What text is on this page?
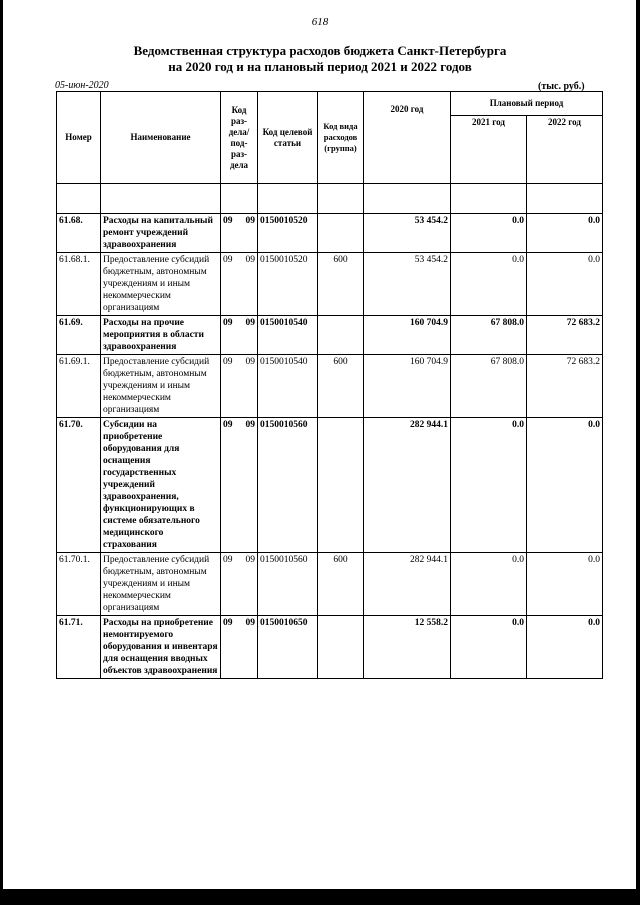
618
Ведомственная структура расходов бюджета Санкт-Петербурга
на 2020 год и на плановый период 2021 и 2022 годов
05-июн-2020	(тыс. руб.)
Номер	Наименование	Код раз- дела/ под- раз- дела	Код целевой статьи	Код вида расходов (группа)	2020 год	Плановый период	
						2021 год	2022 год

61.68.	Расходы на капитальный ремонт учреждений здравоохранения	09 09	0150010520		53 454.2	0.0	0.0
61.68.1.	Предоставление субсидий бюджетным, автономным учреждениям и иным некоммерческим организациям	09 09	0150010520	600	53 454.2	0.0	0.0
61.69.	Расходы на прочие мероприятия в области здравоохранения	09 09	0150010540		160 704.9	67 808.0	72 683.2
61.69.1.	Предоставление субсидий бюджетным, автономным учреждениям и иным некоммерческим организациям	09 09	0150010540	600	160 704.9	67 808.0	72 683.2
61.70.	Субсидии на приобретение оборудования для оснащения государственных учреждений здравоохранения, функционирующих в системе обязательного медицинского страхования	09 09	0150010560		282 944.1	0.0	0.0
61.70.1.	Предоставление субсидий бюджетным, автономным учреждениям и иным некоммерческим организациям	09 09	0150010560	600	282 944.1	0.0	0.0
61.71.	Расходы на приобретение немонтируемого оборудования и инвентаря для оснащения вводных объектов здравоохранения	09 09	0150010650		12 558.2	0.0	0.0
